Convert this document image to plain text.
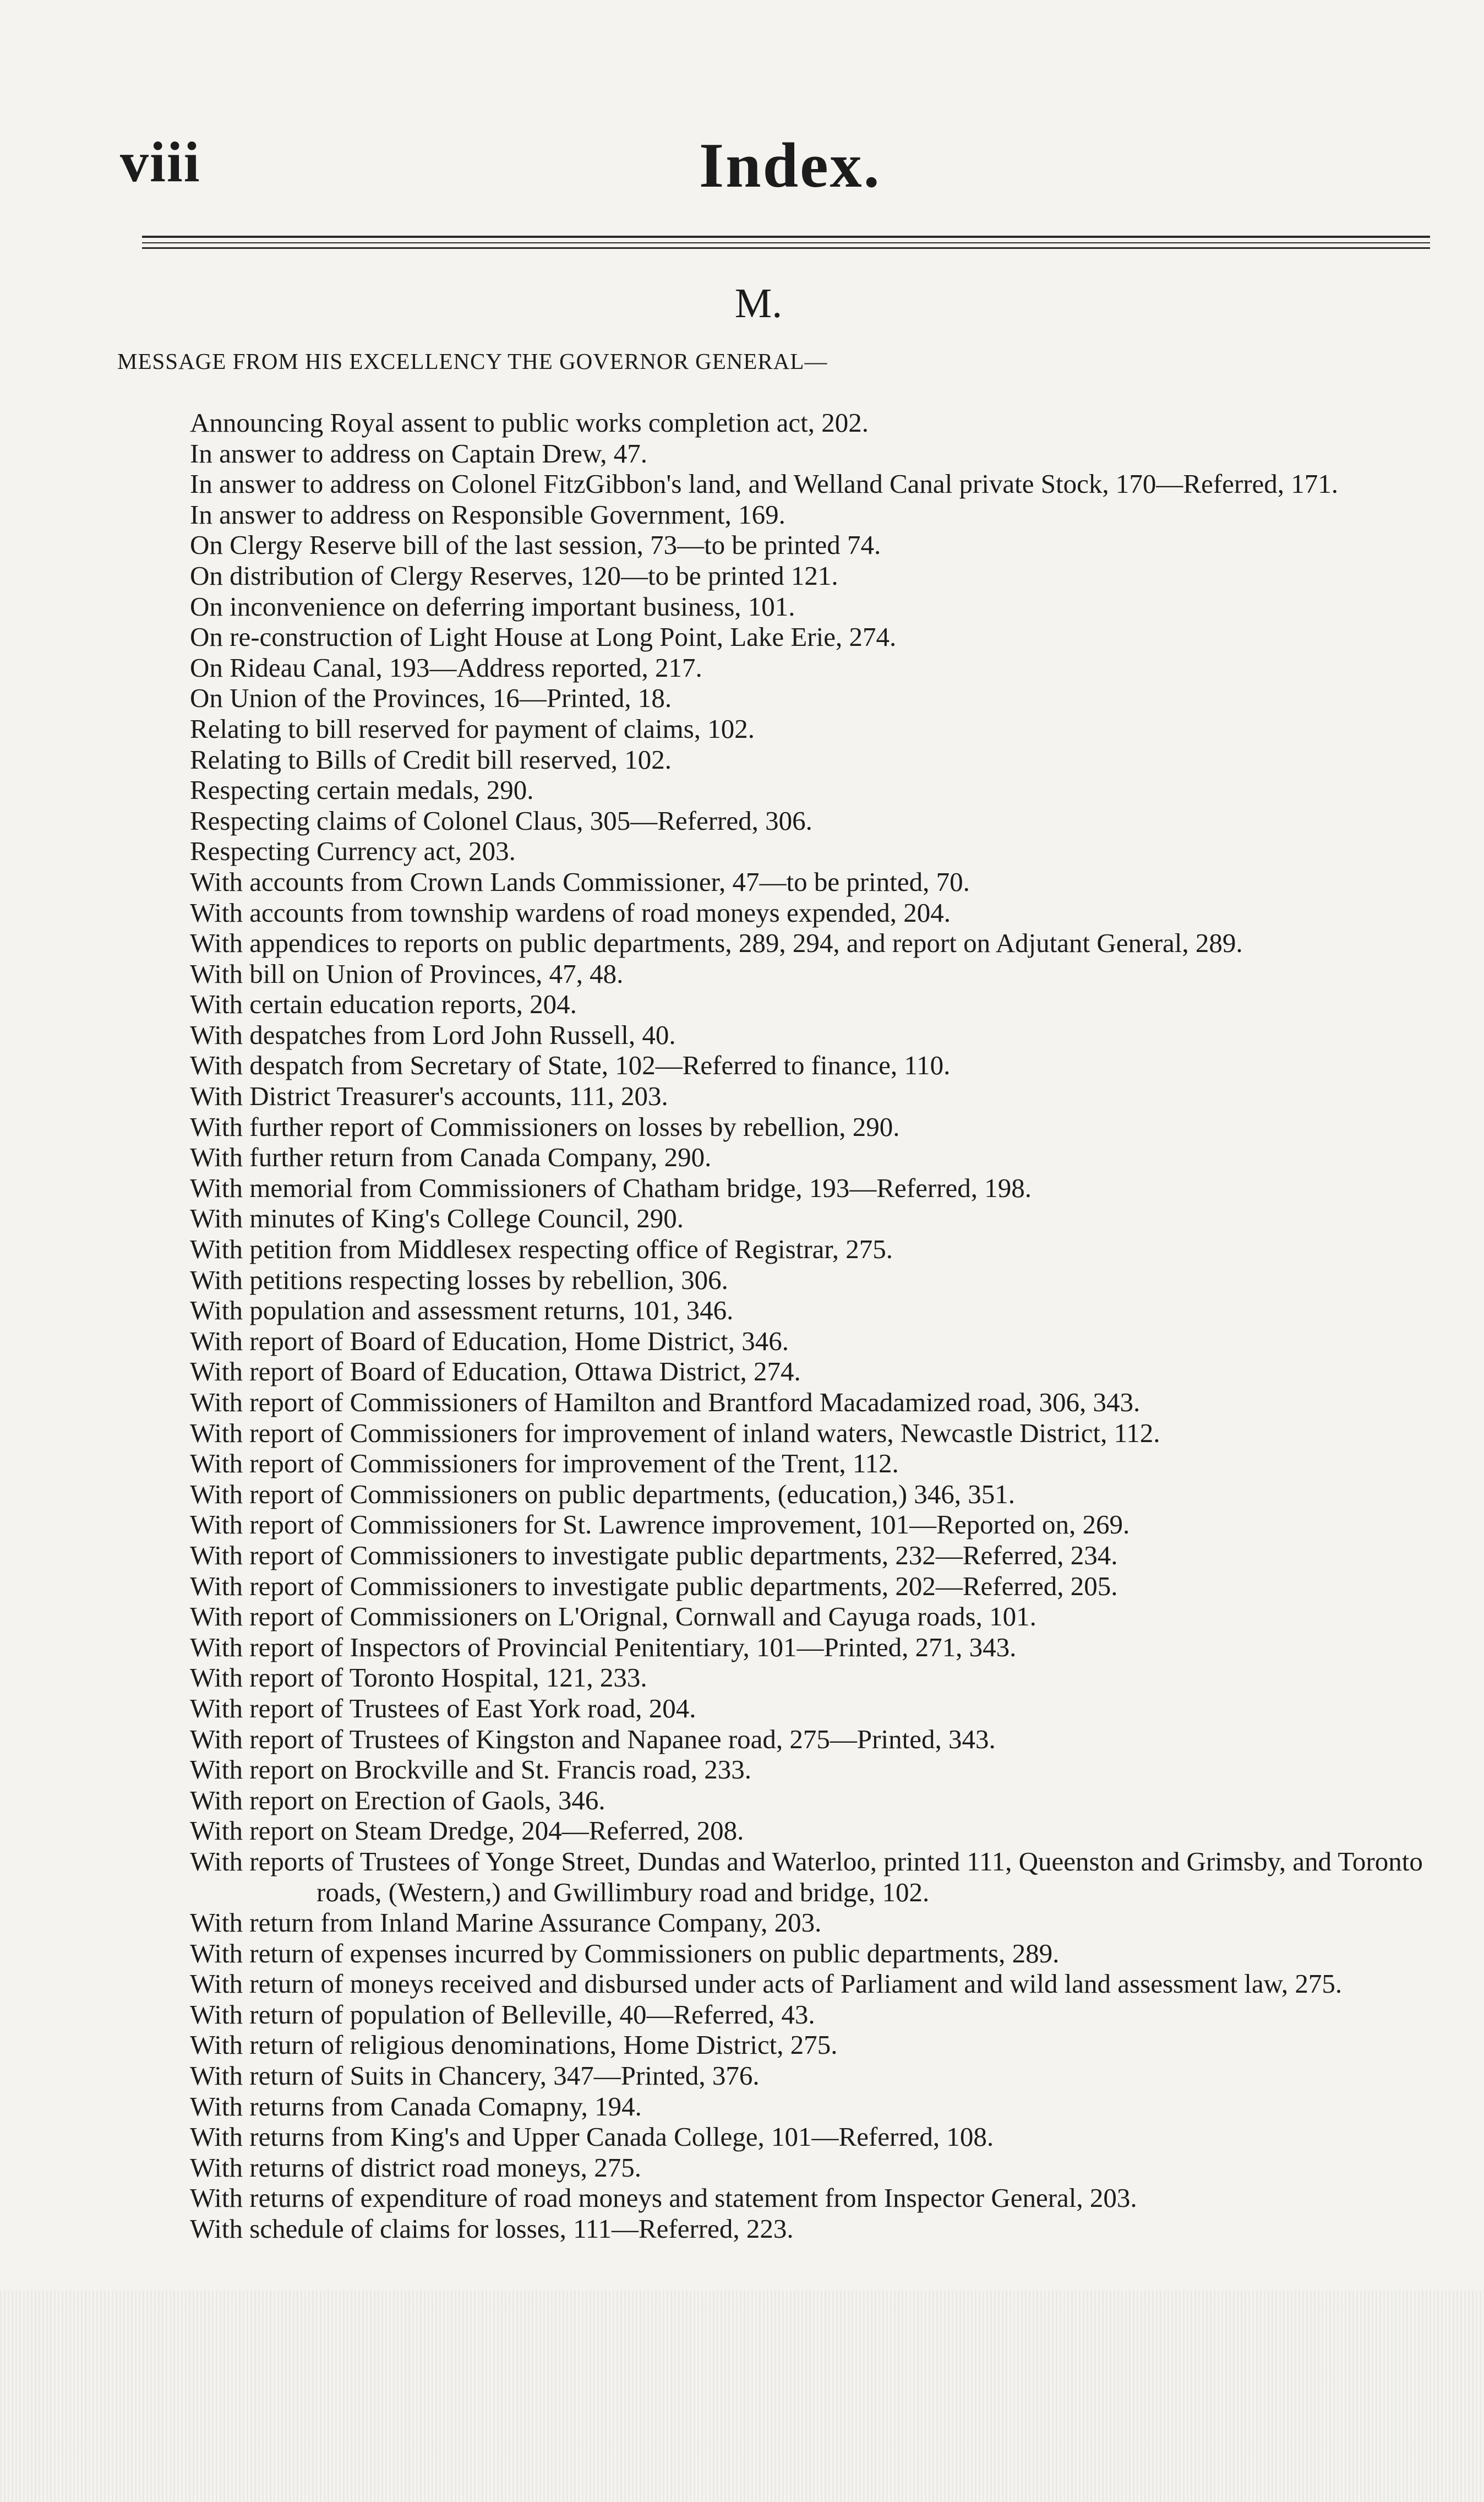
viii	Index.
M.
MESSAGE FROM HIS EXCELLENCY THE GOVERNOR GENERAL—
Announcing Royal assent to public works completion act, 202.
In answer to address on Captain Drew, 47.
In answer to address on Colonel FitzGibbon's land, and Welland Canal private Stock, 170—Referred, 171.
In answer to address on Responsible Government, 169.
On Clergy Reserve bill of the last session, 73—to be printed 74.
On distribution of Clergy Reserves, 120—to be printed 121.
On inconvenience on deferring important business, 101.
On re-construction of Light House at Long Point, Lake Erie, 274.
On Rideau Canal, 193—Address reported, 217.
On Union of the Provinces, 16—Printed, 18.
Relating to bill reserved for payment of claims, 102.
Relating to Bills of Credit bill reserved, 102.
Respecting certain medals, 290.
Respecting claims of Colonel Claus, 305—Referred, 306.
Respecting Currency act, 203.
With accounts from Crown Lands Commissioner, 47—to be printed, 70.
With accounts from township wardens of road moneys expended, 204.
With appendices to reports on public departments, 289, 294, and report on Adjutant General, 289.
With bill on Union of Provinces, 47, 48.
With certain education reports, 204.
With despatches from Lord John Russell, 40.
With despatch from Secretary of State, 102—Referred to finance, 110.
With District Treasurer's accounts, 111, 203.
With further report of Commissioners on losses by rebellion, 290.
With further return from Canada Company, 290.
With memorial from Commissioners of Chatham bridge, 193—Referred, 198.
With minutes of King's College Council, 290.
With petition from Middlesex respecting office of Registrar, 275.
With petitions respecting losses by rebellion, 306.
With population and assessment returns, 101, 346.
With report of Board of Education, Home District, 346.
With report of Board of Education, Ottawa District, 274.
With report of Commissioners of Hamilton and Brantford Macadamized road, 306, 343.
With report of Commissioners for improvement of inland waters, Newcastle District, 112.
With report of Commissioners for improvement of the Trent, 112.
With report of Commissioners on public departments, (education,) 346, 351.
With report of Commissioners for St. Lawrence improvement, 101—Reported on, 269.
With report of Commissioners to investigate public departments, 232—Referred, 234.
With report of Commissioners to investigate public departments, 202—Referred, 205.
With report of Commissioners on L'Orignal, Cornwall and Cayuga roads, 101.
With report of Inspectors of Provincial Penitentiary, 101—Printed, 271, 343.
With report of Toronto Hospital, 121, 233.
With report of Trustees of East York road, 204.
With report of Trustees of Kingston and Napanee road, 275—Printed, 343.
With report on Brockville and St. Francis road, 233.
With report on Erection of Gaols, 346.
With report on Steam Dredge, 204—Referred, 208.
With reports of Trustees of Yonge Street, Dundas and Waterloo, printed 111, Queenston and Grimsby, and Toronto roads, (Western,) and Gwillimbury road and bridge, 102.
With return from Inland Marine Assurance Company, 203.
With return of expenses incurred by Commissioners on public departments, 289.
With return of moneys received and disbursed under acts of Parliament and wild land assessment law, 275.
With return of population of Belleville, 40—Referred, 43.
With return of religious denominations, Home District, 275.
With return of Suits in Chancery, 347—Printed, 376.
With returns from Canada Comapny, 194.
With returns from King's and Upper Canada College, 101—Referred, 108.
With returns of district road moneys, 275.
With returns of expenditure of road moneys and statement from Inspector General, 203.
With schedule of claims for losses, 111—Referred, 223.
